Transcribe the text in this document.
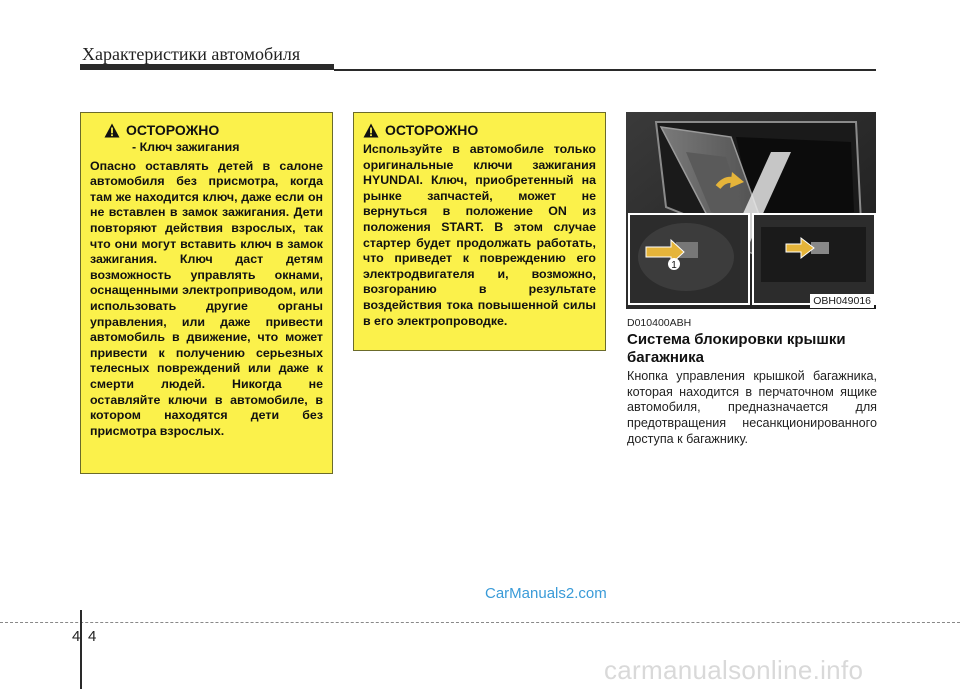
Характеристики автомобиля
ОСТОРОЖНО
- Ключ зажигания
Опасно оставлять детей в салоне автомобиля без присмотра, когда там же находится ключ, даже если он не вставлен в замок зажигания. Дети повторяют действия взрослых, так что они могут вставить ключ в замок зажигания. Ключ даст детям возможность управлять окнами, оснащенными электроприводом, или использовать другие органы управления, или даже привести автомобиль в движение, что может привести к получению серьезных телесных повреждений или даже к смерти людей. Никогда не оставляйте ключи в автомобиле, в котором находятся дети без присмотра взрослых.
ОСТОРОЖНО
Используйте в автомобиле только оригинальные ключи зажигания HYUNDAI. Ключ, приобретенный на рынке запчастей, может не вернуться в положение ON из положения START. В этом случае стартер будет продолжать работать, что приведет к повреждению его электродвигателя и, возможно, возгоранию в результате воздействия тока повышенной силы в его электропроводке.
1
OBH049016
D010400ABH
Система блокировки крышки багажника
Кнопка управления крышкой багажника, которая находится в перчаточном ящике автомобиля, предназначается для предотвращения несанкционированного доступа к багажнику.
CarManuals2.com
4 4
carmanualsonline.info
